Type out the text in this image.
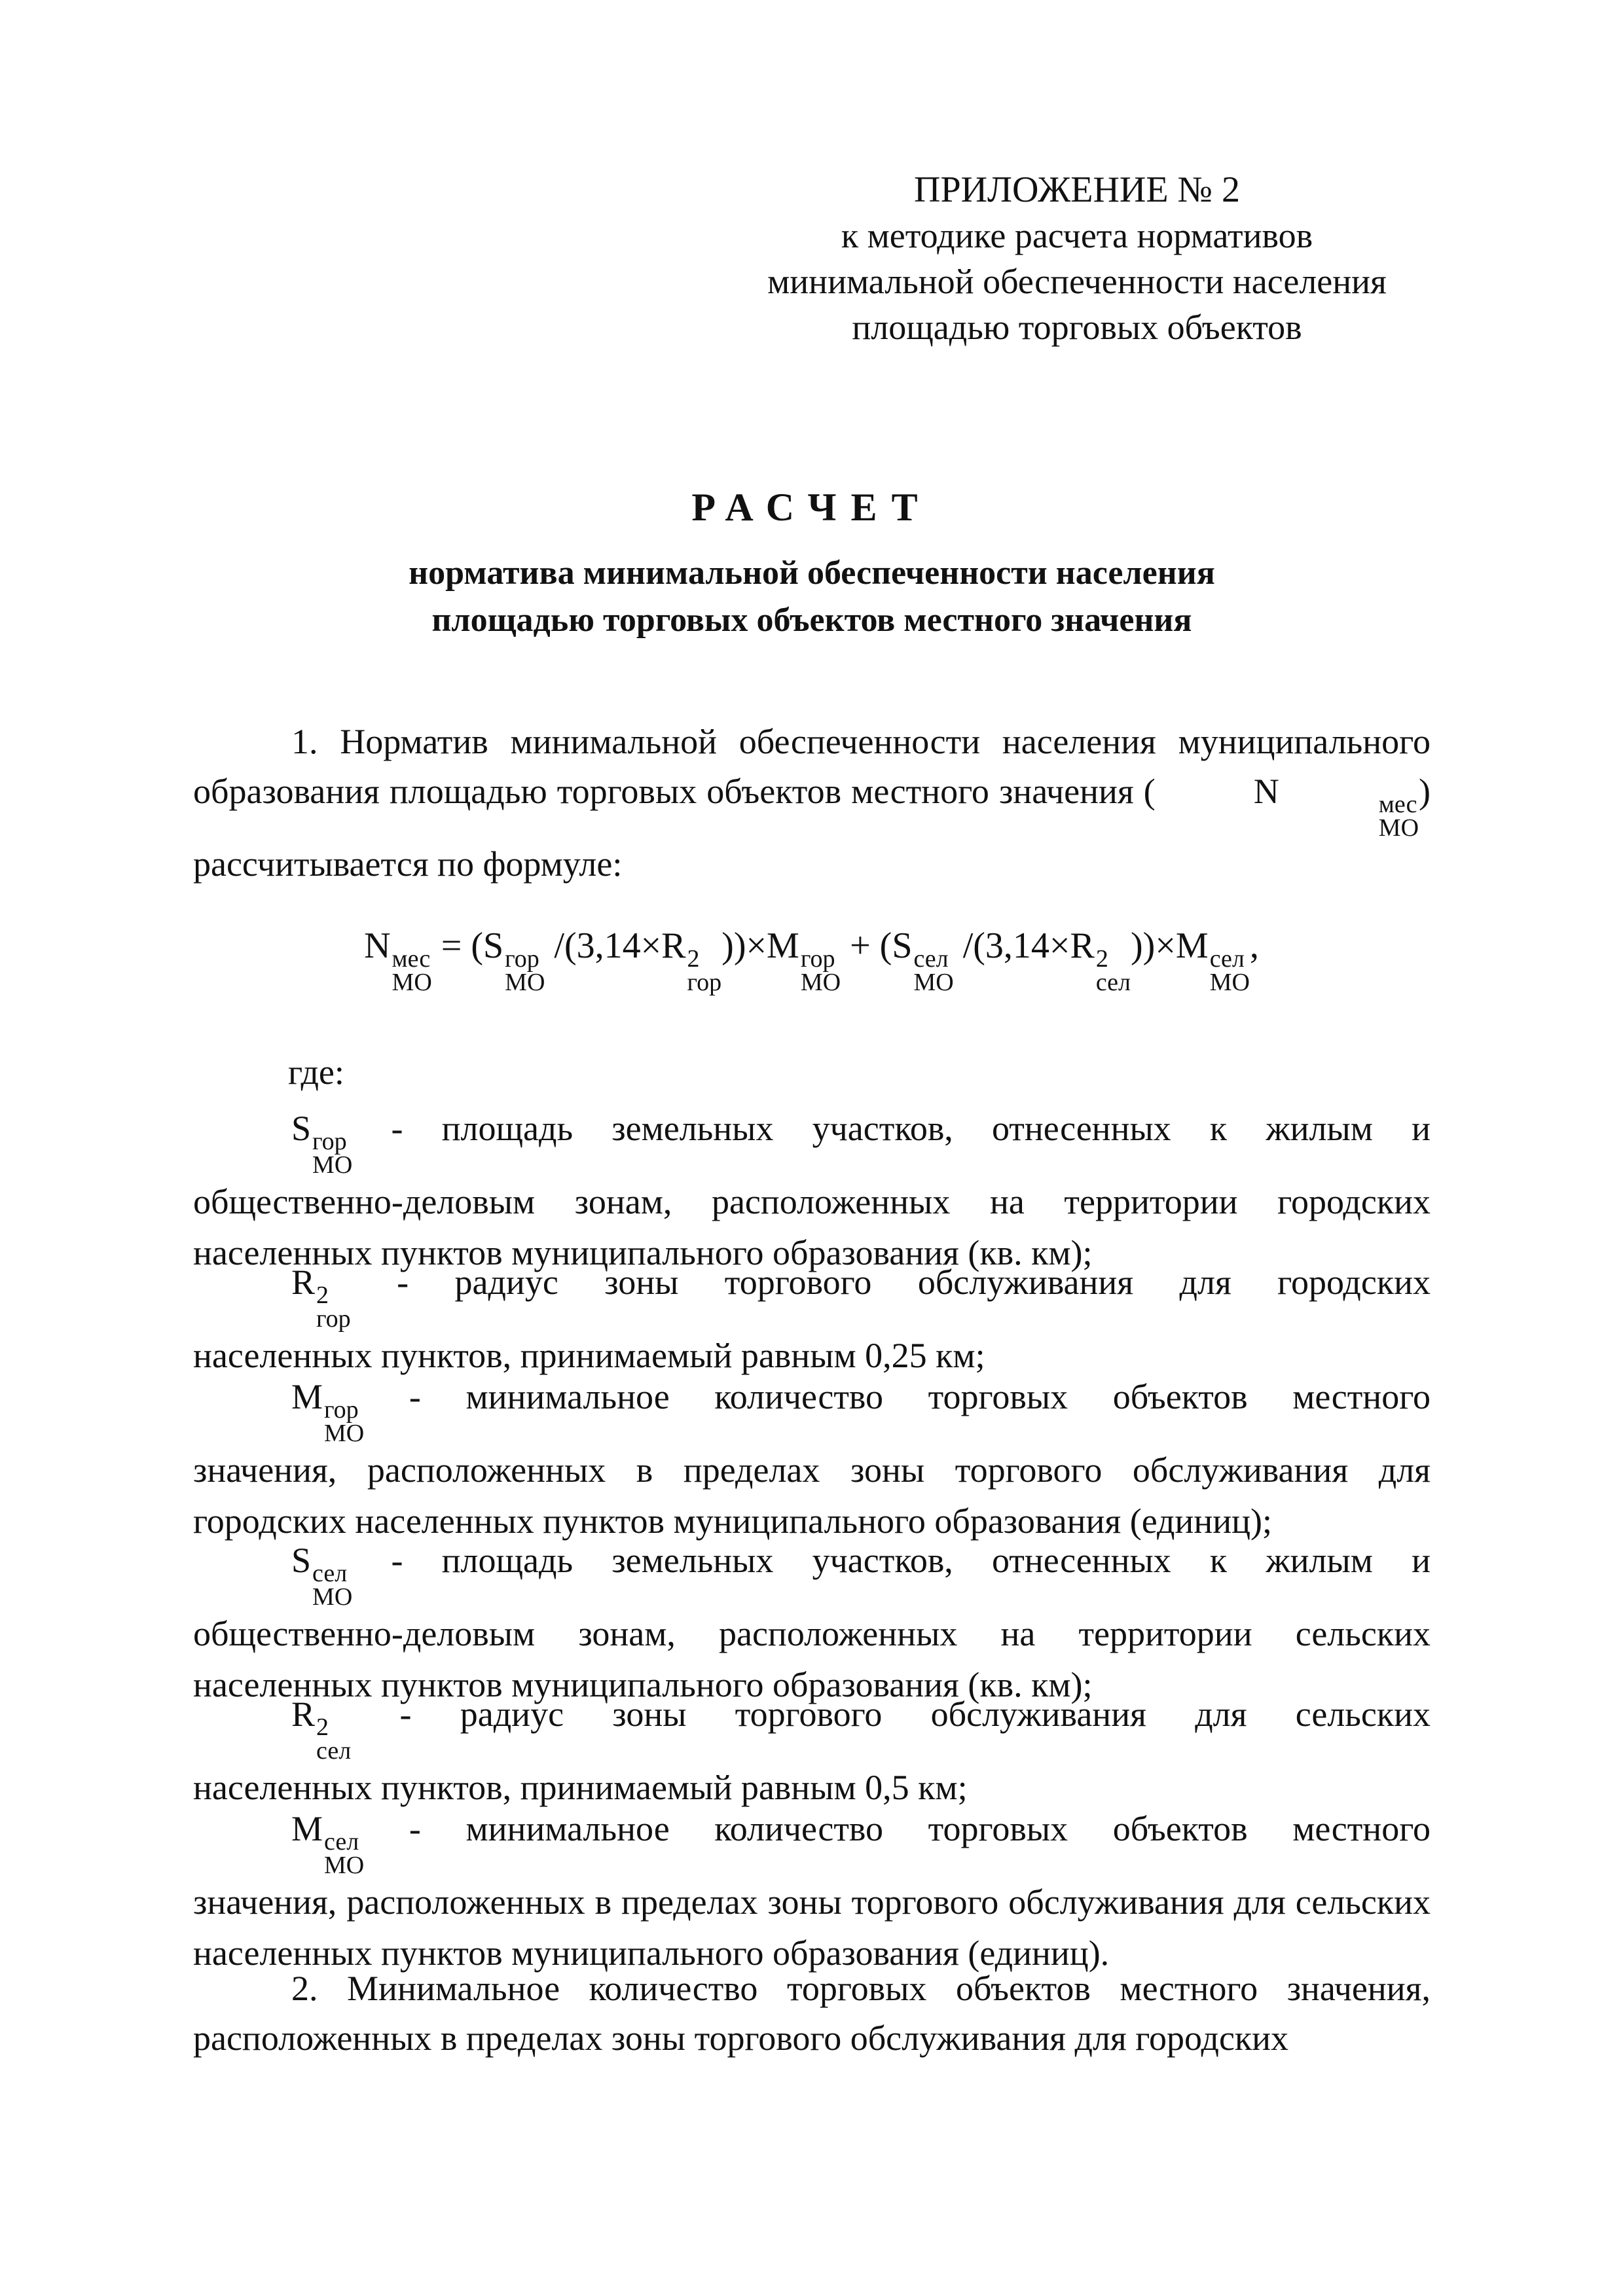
ПРИЛОЖЕНИЕ № 2
к методике расчета нормативов
минимальной обеспеченности населения
площадью торговых объектов
РАСЧЕТ
норматива минимальной обеспеченности населения
площадью торговых объектов местного значения
1. Норматив минимальной обеспеченности населения муниципального образования площадью торговых объектов местного значения (	N	мес
МО
) рассчитывается по формуле:
N мес
МО
= (S гор
МО
/(3,14×R 2
гор
))×M гор
МО
+ (S сел
МО
/(3,14×R 2
сел
))×M сел
МО
,
где:
S гор
МО
- площадь земельных участков, отнесенных к жилым и
общественно-деловым зонам, расположенных на территории городских населенных пунктов муниципального образования (кв. км);
R 2
гор
- радиус зоны торгового обслуживания для городских
населенных пунктов, принимаемый равным 0,25 км;
M гор
МО
- минимальное количество торговых объектов местного
значения, расположенных в пределах зоны торгового обслуживания для городских населенных пунктов муниципального образования (единиц);
S сел
МО
- площадь земельных участков, отнесенных к жилым и
общественно-деловым зонам, расположенных на территории сельских населенных пунктов муниципального образования (кв. км);
R 2
сел
- радиус зоны торгового обслуживания для сельских
населенных пунктов, принимаемый равным 0,5 км;
M сел
МО
- минимальное количество торговых объектов местного
значения, расположенных в пределах зоны торгового обслуживания для сельских населенных пунктов муниципального образования (единиц).
2. Минимальное количество торговых объектов местного значения, расположенных в пределах зоны торгового обслуживания для городских
